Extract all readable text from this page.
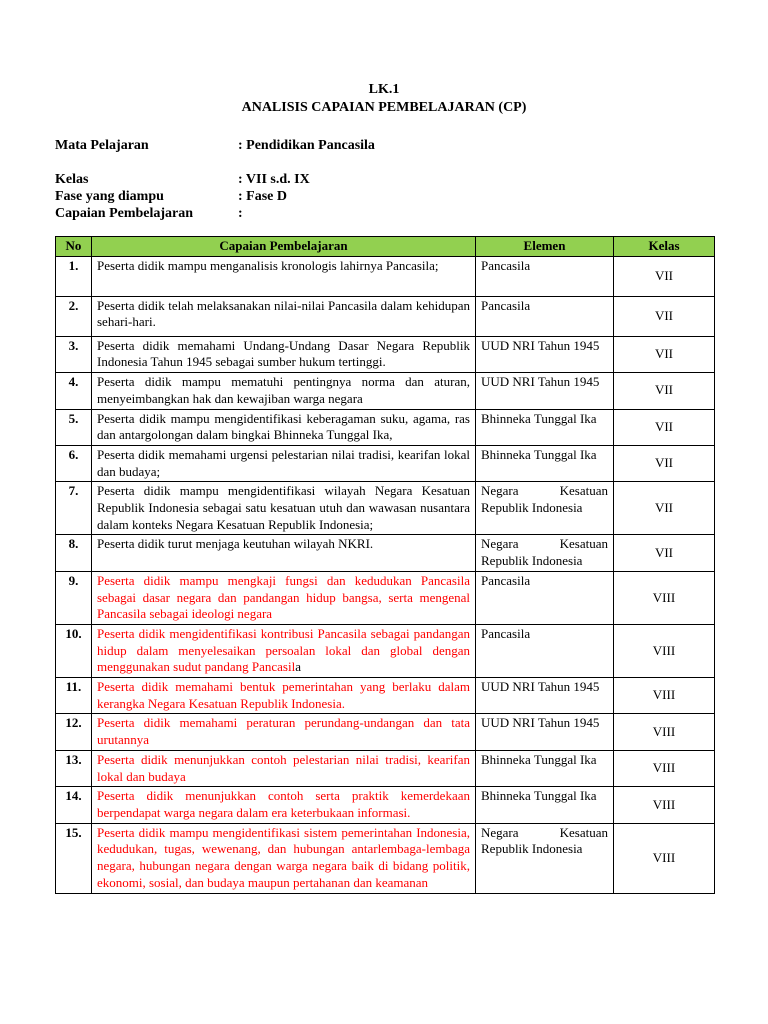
LK.1
ANALISIS CAPAIAN PEMBELAJARAN (CP)
Mata Pelajaran	: Pendidikan Pancasila
Kelas	: VII s.d. IX
Fase yang diampu	: Fase D
Capaian Pembelajaran	:
No	Capaian Pembelajaran	Elemen	Kelas
1.	Peserta didik mampu menganalisis kronologis lahirnya Pancasila;	Pancasila	VII
2.	Peserta didik telah melaksanakan nilai-nilai Pancasila dalam kehidupan sehari-hari.	Pancasila	VII
3.	Peserta didik memahami Undang-Undang Dasar Negara Republik Indonesia Tahun 1945 sebagai sumber hukum tertinggi.	UUD NRI Tahun 1945	VII
4.	Peserta didik mampu mematuhi pentingnya norma dan aturan, menyeimbangkan hak dan kewajiban warga negara	UUD NRI Tahun 1945	VII
5.	Peserta didik mampu mengidentifikasi keberagaman suku, agama, ras dan antargolongan dalam bingkai Bhinneka Tunggal Ika,	Bhinneka Tunggal Ika	VII
6.	Peserta didik memahami urgensi pelestarian nilai tradisi, kearifan lokal dan budaya;	Bhinneka Tunggal Ika	VII
7.	Peserta didik mampu mengidentifikasi wilayah Negara Kesatuan Republik Indonesia sebagai satu kesatuan utuh dan wawasan nusantara dalam konteks Negara Kesatuan Republik Indonesia;	Negara Kesatuan Republik Indonesia	VII
8.	Peserta didik turut menjaga keutuhan wilayah NKRI.	Negara Kesatuan Republik Indonesia	VII
9.	Peserta didik mampu mengkaji fungsi dan kedudukan Pancasila sebagai dasar negara dan pandangan hidup bangsa, serta mengenal Pancasila sebagai ideologi negara	Pancasila	VIII
10.	Peserta didik mengidentifikasi kontribusi Pancasila sebagai pandangan hidup dalam menyelesaikan persoalan lokal dan global dengan menggunakan sudut pandang Pancasila	Pancasila	VIII
11.	Peserta didik memahami bentuk pemerintahan yang berlaku dalam kerangka Negara Kesatuan Republik Indonesia.	UUD NRI Tahun 1945	VIII
12.	Peserta didik memahami peraturan perundang-undangan dan tata urutannya	UUD NRI Tahun 1945	VIII
13.	Peserta didik menunjukkan contoh pelestarian nilai tradisi, kearifan lokal dan budaya	Bhinneka Tunggal Ika	VIII
14.	Peserta didik menunjukkan contoh serta praktik kemerdekaan berpendapat warga negara dalam era keterbukaan informasi.	Bhinneka Tunggal Ika	VIII
15.	Peserta didik mampu mengidentifikasi sistem pemerintahan Indonesia, kedudukan, tugas, wewenang, dan hubungan antarlembaga-lembaga negara, hubungan negara dengan warga negara baik di bidang politik, ekonomi, sosial, dan budaya maupun pertahanan dan keamanan	Negara Kesatuan Republik Indonesia	VIII
